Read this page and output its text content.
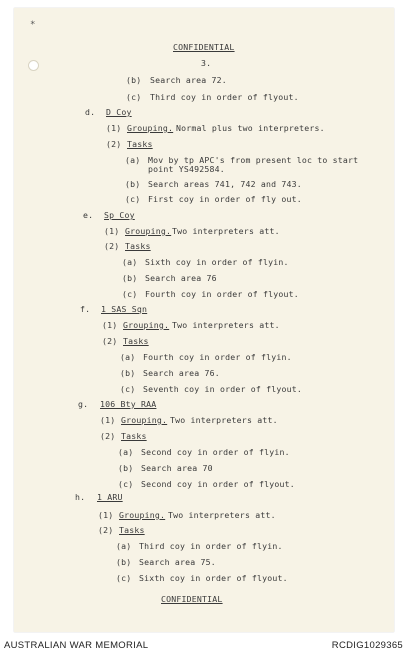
*
CONFIDENTIAL
3.
(b) Search area 72.
(c) Third coy in order of flyout.
d. D Coy
(1) Grouping. Normal plus two interpreters.
(2) Tasks
(a) Mov by tp APC's from present loc to start
point YS492584.
(b) Search areas 741, 742 and 743.
(c) First coy in order of fly out.
e. Sp Coy
(1) Grouping. Two interpreters att.
(2) Tasks
(a) Sixth coy in order of flyin.
(b) Search area 76
(c) Fourth coy in order of flyout.
f. 1 SAS Sqn
(1) Grouping. Two interpreters att.
(2) Tasks
(a) Fourth coy in order of flyin.
(b) Search area 76.
(c) Seventh coy in order of flyout.
g. 106 Bty RAA
(1) Grouping. Two interpreters att.
(2) Tasks
(a) Second coy in order of flyin.
(b) Search area 70
(c) Second coy in order of flyout.
h. 1 ARU
(1) Grouping. Two interpreters att.
(2) Tasks
(a) Third coy in order of flyin.
(b) Search area 75.
(c) Sixth coy in order of flyout.
CONFIDENTIAL
AUSTRALIAN WAR MEMORIAL	RCDIG1029365
